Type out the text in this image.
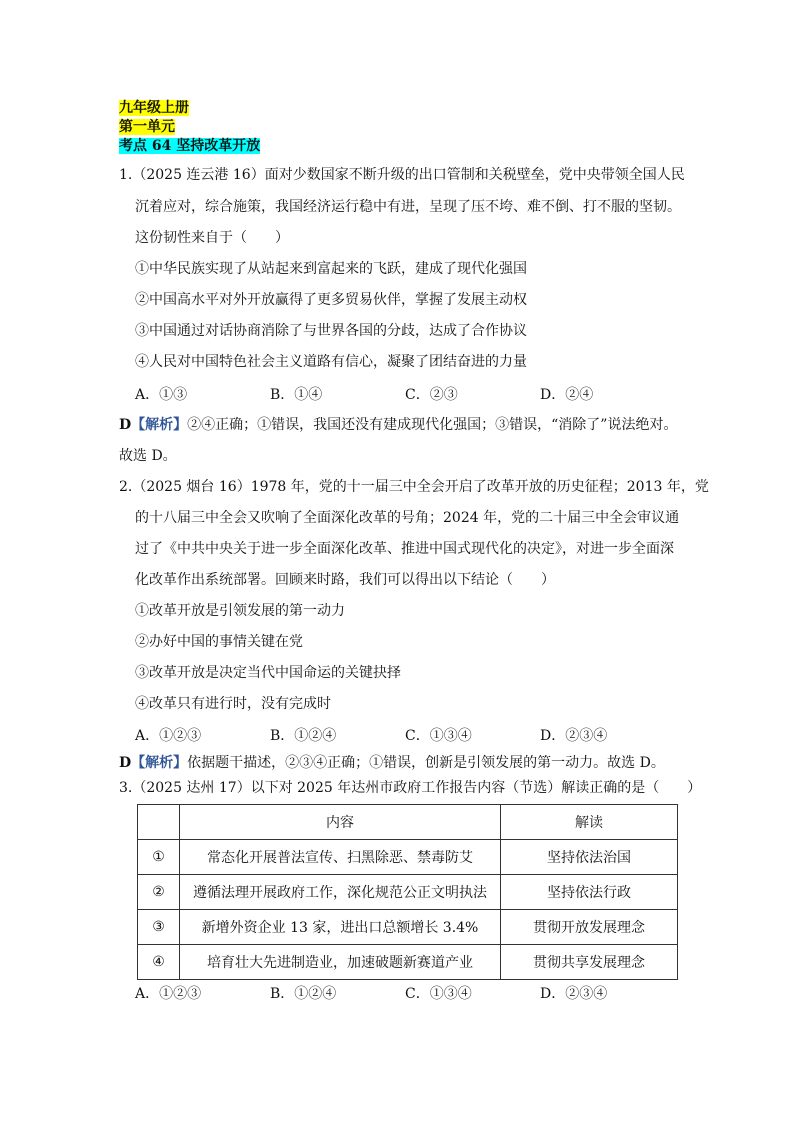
九年级上册
第一单元
考点 64 坚持改革开放
1.（2025 连云港 16）面对少数国家不断升级的出口管制和关税壁垒，党中央带领全国人民
沉着应对，综合施策，我国经济运行稳中有进，呈现了压不垮、难不倒、打不服的坚韧。
这份韧性来自于（　　）
①中华民族实现了从站起来到富起来的飞跃，建成了现代化强国
②中国高水平对外开放赢得了更多贸易伙伴，掌握了发展主动权
③中国通过对话协商消除了与世界各国的分歧，达成了合作协议
④人民对中国特色社会主义道路有信心，凝聚了团结奋进的力量
A．①③	B．①④	C．②③	D．②④
D【解析】②④正确；①错误，我国还没有建成现代化强国；③错误，“消除了”说法绝对。
故选 D。
2.（2025 烟台 16）1978 年，党的十一届三中全会开启了改革开放的历史征程；2013 年，党
的十八届三中全会又吹响了全面深化改革的号角；2024 年，党的二十届三中全会审议通
过了《中共中央关于进一步全面深化改革、推进中国式现代化的决定》，对进一步全面深
化改革作出系统部署。回顾来时路，我们可以得出以下结论（　　）
①改革开放是引领发展的第一动力
②办好中国的事情关键在党
③改革开放是决定当代中国命运的关键抉择
④改革只有进行时，没有完成时
A．①②③	B．①②④	C．①③④	D．②③④
D【解析】依据题干描述，②③④正确；①错误，创新是引领发展的第一动力。故选 D。
3.（2025 达州 17）以下对 2025 年达州市政府工作报告内容（节选）解读正确的是（　　）
	内容	解读
①	常态化开展普法宣传、扫黑除恶、禁毒防艾	坚持依法治国
②	遵循法理开展政府工作，深化规范公正文明执法	坚持依法行政
③	新增外资企业 13 家，进出口总额增长 3.4%	贯彻开放发展理念
④	培育壮大先进制造业，加速破题新赛道产业	贯彻共享发展理念
A．①②③	B．①②④	C．①③④	D．②③④
